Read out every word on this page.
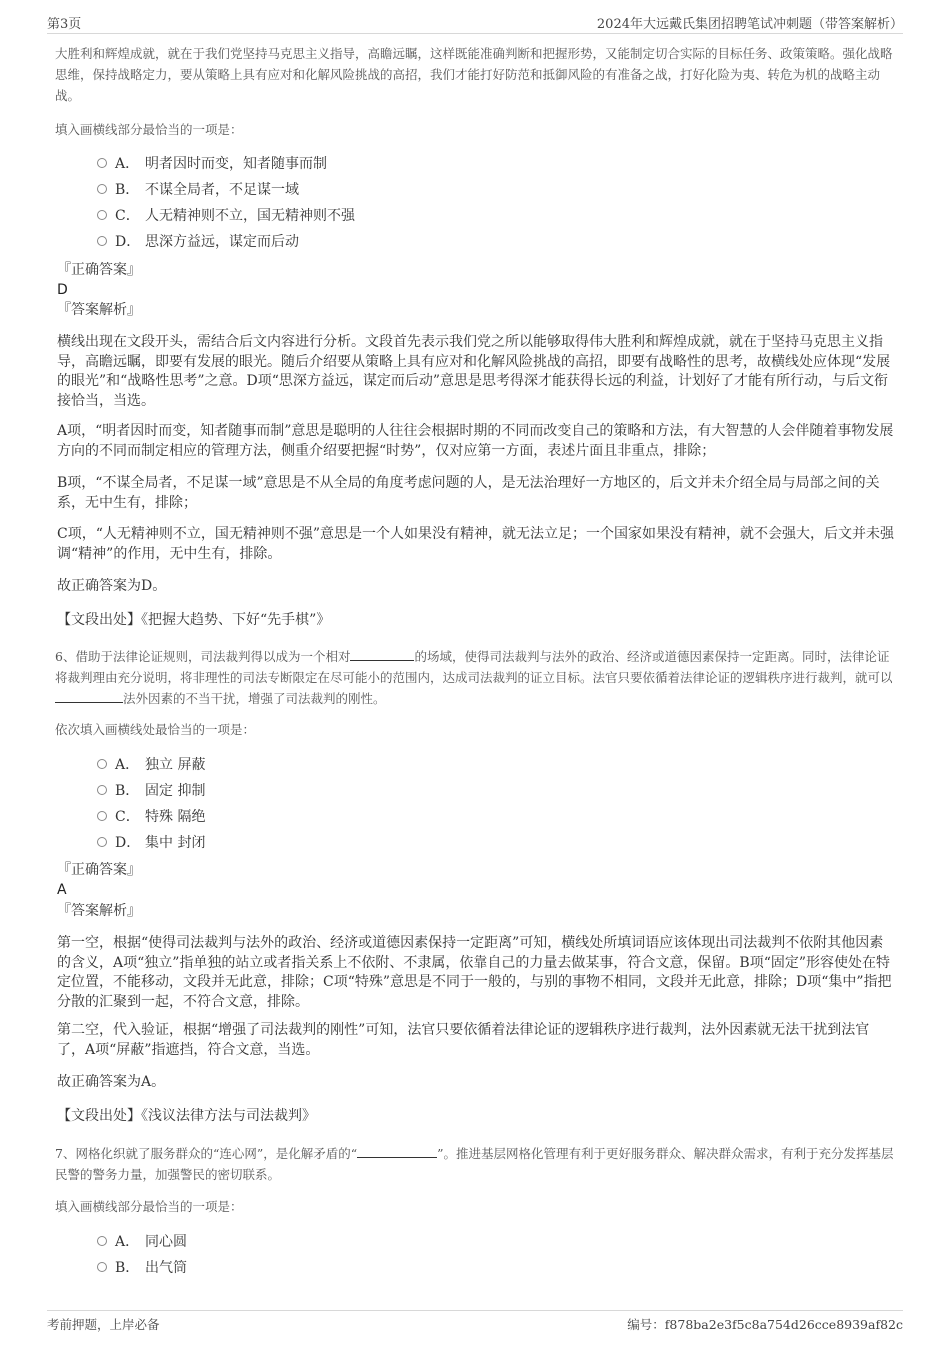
第3页	2024年大远戴氏集团招聘笔试冲刺题（带答案解析）
大胜利和辉煌成就，就在于我们党坚持马克思主义指导，高瞻远瞩，这样既能准确判断和把握形势，又能制定切合实际的目标任务、政策策略。强化战略思维，保持战略定力，要从策略上具有应对和化解风险挑战的高招，我们才能打好防范和抵御风险的有准备之战，打好化险为夷、转危为机的战略主动战。
填入画横线部分最恰当的一项是：
A． 明者因时而变，知者随事而制
B． 不谋全局者，不足谋一域
C． 人无精神则不立，国无精神则不强
D． 思深方益远，谋定而后动
『正确答案』
D
『答案解析』
横线出现在文段开头，需结合后文内容进行分析。文段首先表示我们党之所以能够取得伟大胜利和辉煌成就，就在于坚持马克思主义指导，高瞻远瞩，即要有发展的眼光。随后介绍要从策略上具有应对和化解风险挑战的高招，即要有战略性的思考，故横线处应体现“发展的眼光”和“战略性思考”之意。D项“思深方益远，谋定而后动”意思是思考得深才能获得长远的利益，计划好了才能有所行动，与后文衔接恰当，当选。
A项，“明者因时而变，知者随事而制”意思是聪明的人往往会根据时期的不同而改变自己的策略和方法，有大智慧的人会伴随着事物发展方向的不同而制定相应的管理方法，侧重介绍要把握“时势”，仅对应第一方面，表述片面且非重点，排除；
B项，“不谋全局者，不足谋一域”意思是不从全局的角度考虑问题的人，是无法治理好一方地区的，后文并未介绍全局与局部之间的关系，无中生有，排除；
C项，“人无精神则不立，国无精神则不强”意思是一个人如果没有精神，就无法立足；一个国家如果没有精神，就不会强大，后文并未强调“精神”的作用，无中生有，排除。
故正确答案为D。
【文段出处】《把握大趋势、下好“先手棋”》
6、借助于法律论证规则，司法裁判得以成为一个相对	的场域，使得司法裁判与法外的政治、经济或道德因素保持一定距离。同时，法律论证将裁判理由充分说明，将非理性的司法专断限定在尽可能小的范围内，达成司法裁判的证立目标。法官只要依循着法律论证的逻辑秩序进行裁判，就可以法外因素的不当干扰，增强了司法裁判的刚性。
依次填入画横线处最恰当的一项是：
A． 独立 屏蔽
B． 固定 抑制
C． 特殊 隔绝
D． 集中 封闭
『正确答案』
A
『答案解析』
第一空，根据“使得司法裁判与法外的政治、经济或道德因素保持一定距离”可知，横线处所填词语应该体现出司法裁判不依附其他因素的含义，A项“独立”指单独的站立或者指关系上不依附、不隶属，依靠自己的力量去做某事，符合文意，保留。B项“固定”形容使处在特定位置，不能移动，文段并无此意，排除；C项“特殊”意思是不同于一般的，与别的事物不相同，文段并无此意，排除；D项“集中”指把分散的汇聚到一起，不符合文意，排除。
第二空，代入验证，根据“增强了司法裁判的刚性”可知，法官只要依循着法律论证的逻辑秩序进行裁判，法外因素就无法干扰到法官了，A项“屏蔽”指遮挡，符合文意，当选。
故正确答案为A。
【文段出处】《浅议法律方法与司法裁判》
7、网格化织就了服务群众的“连心网”，是化解矛盾的“	”。推进基层网格化管理有利于更好服务群众、解决群众需求，有利于充分发挥基层民警的警务力量，加强警民的密切联系。
填入画横线部分最恰当的一项是：
A． 同心圆
B． 出气筒
考前押题，上岸必备	编号：f878ba2e3f5c8a754d26cce8939af82c
